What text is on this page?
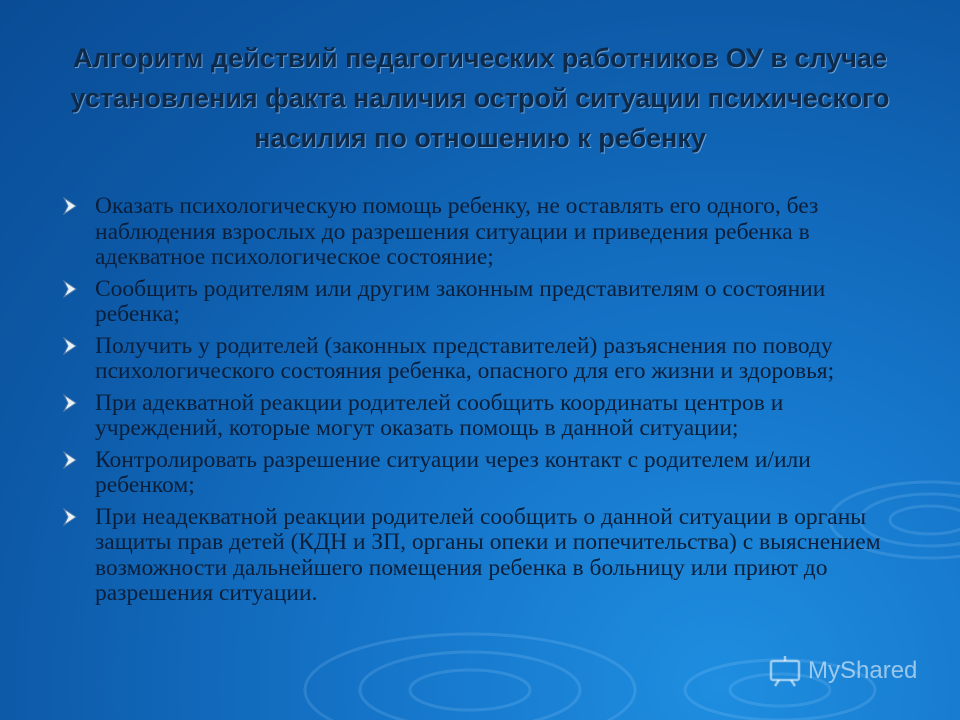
Алгоритм действий педагогических работников ОУ в случае установления факта наличия острой ситуации психического насилия по отношению к ребенку
Оказать психологическую помощь ребенку, не оставлять его одного, без наблюдения взрослых до разрешения ситуации и приведения ребенка в адекватное психологическое состояние;
Сообщить родителям или другим законным представителям о состоянии ребенка;
Получить у родителей (законных представителей) разъяснения по поводу психологического состояния ребенка, опасного для его жизни и здоровья;
При адекватной реакции родителей сообщить координаты центров и учреждений, которые могут оказать помощь в данной ситуации;
Контролировать разрешение ситуации через контакт с родителем и/или ребенком;
При неадекватной реакции родителей сообщить о данной ситуации в органы защиты прав детей (КДН и ЗП, органы опеки и попечительства) с выяснением возможности дальнейшего помещения ребенка в больницу или приют до разрешения ситуации.
MyShared
